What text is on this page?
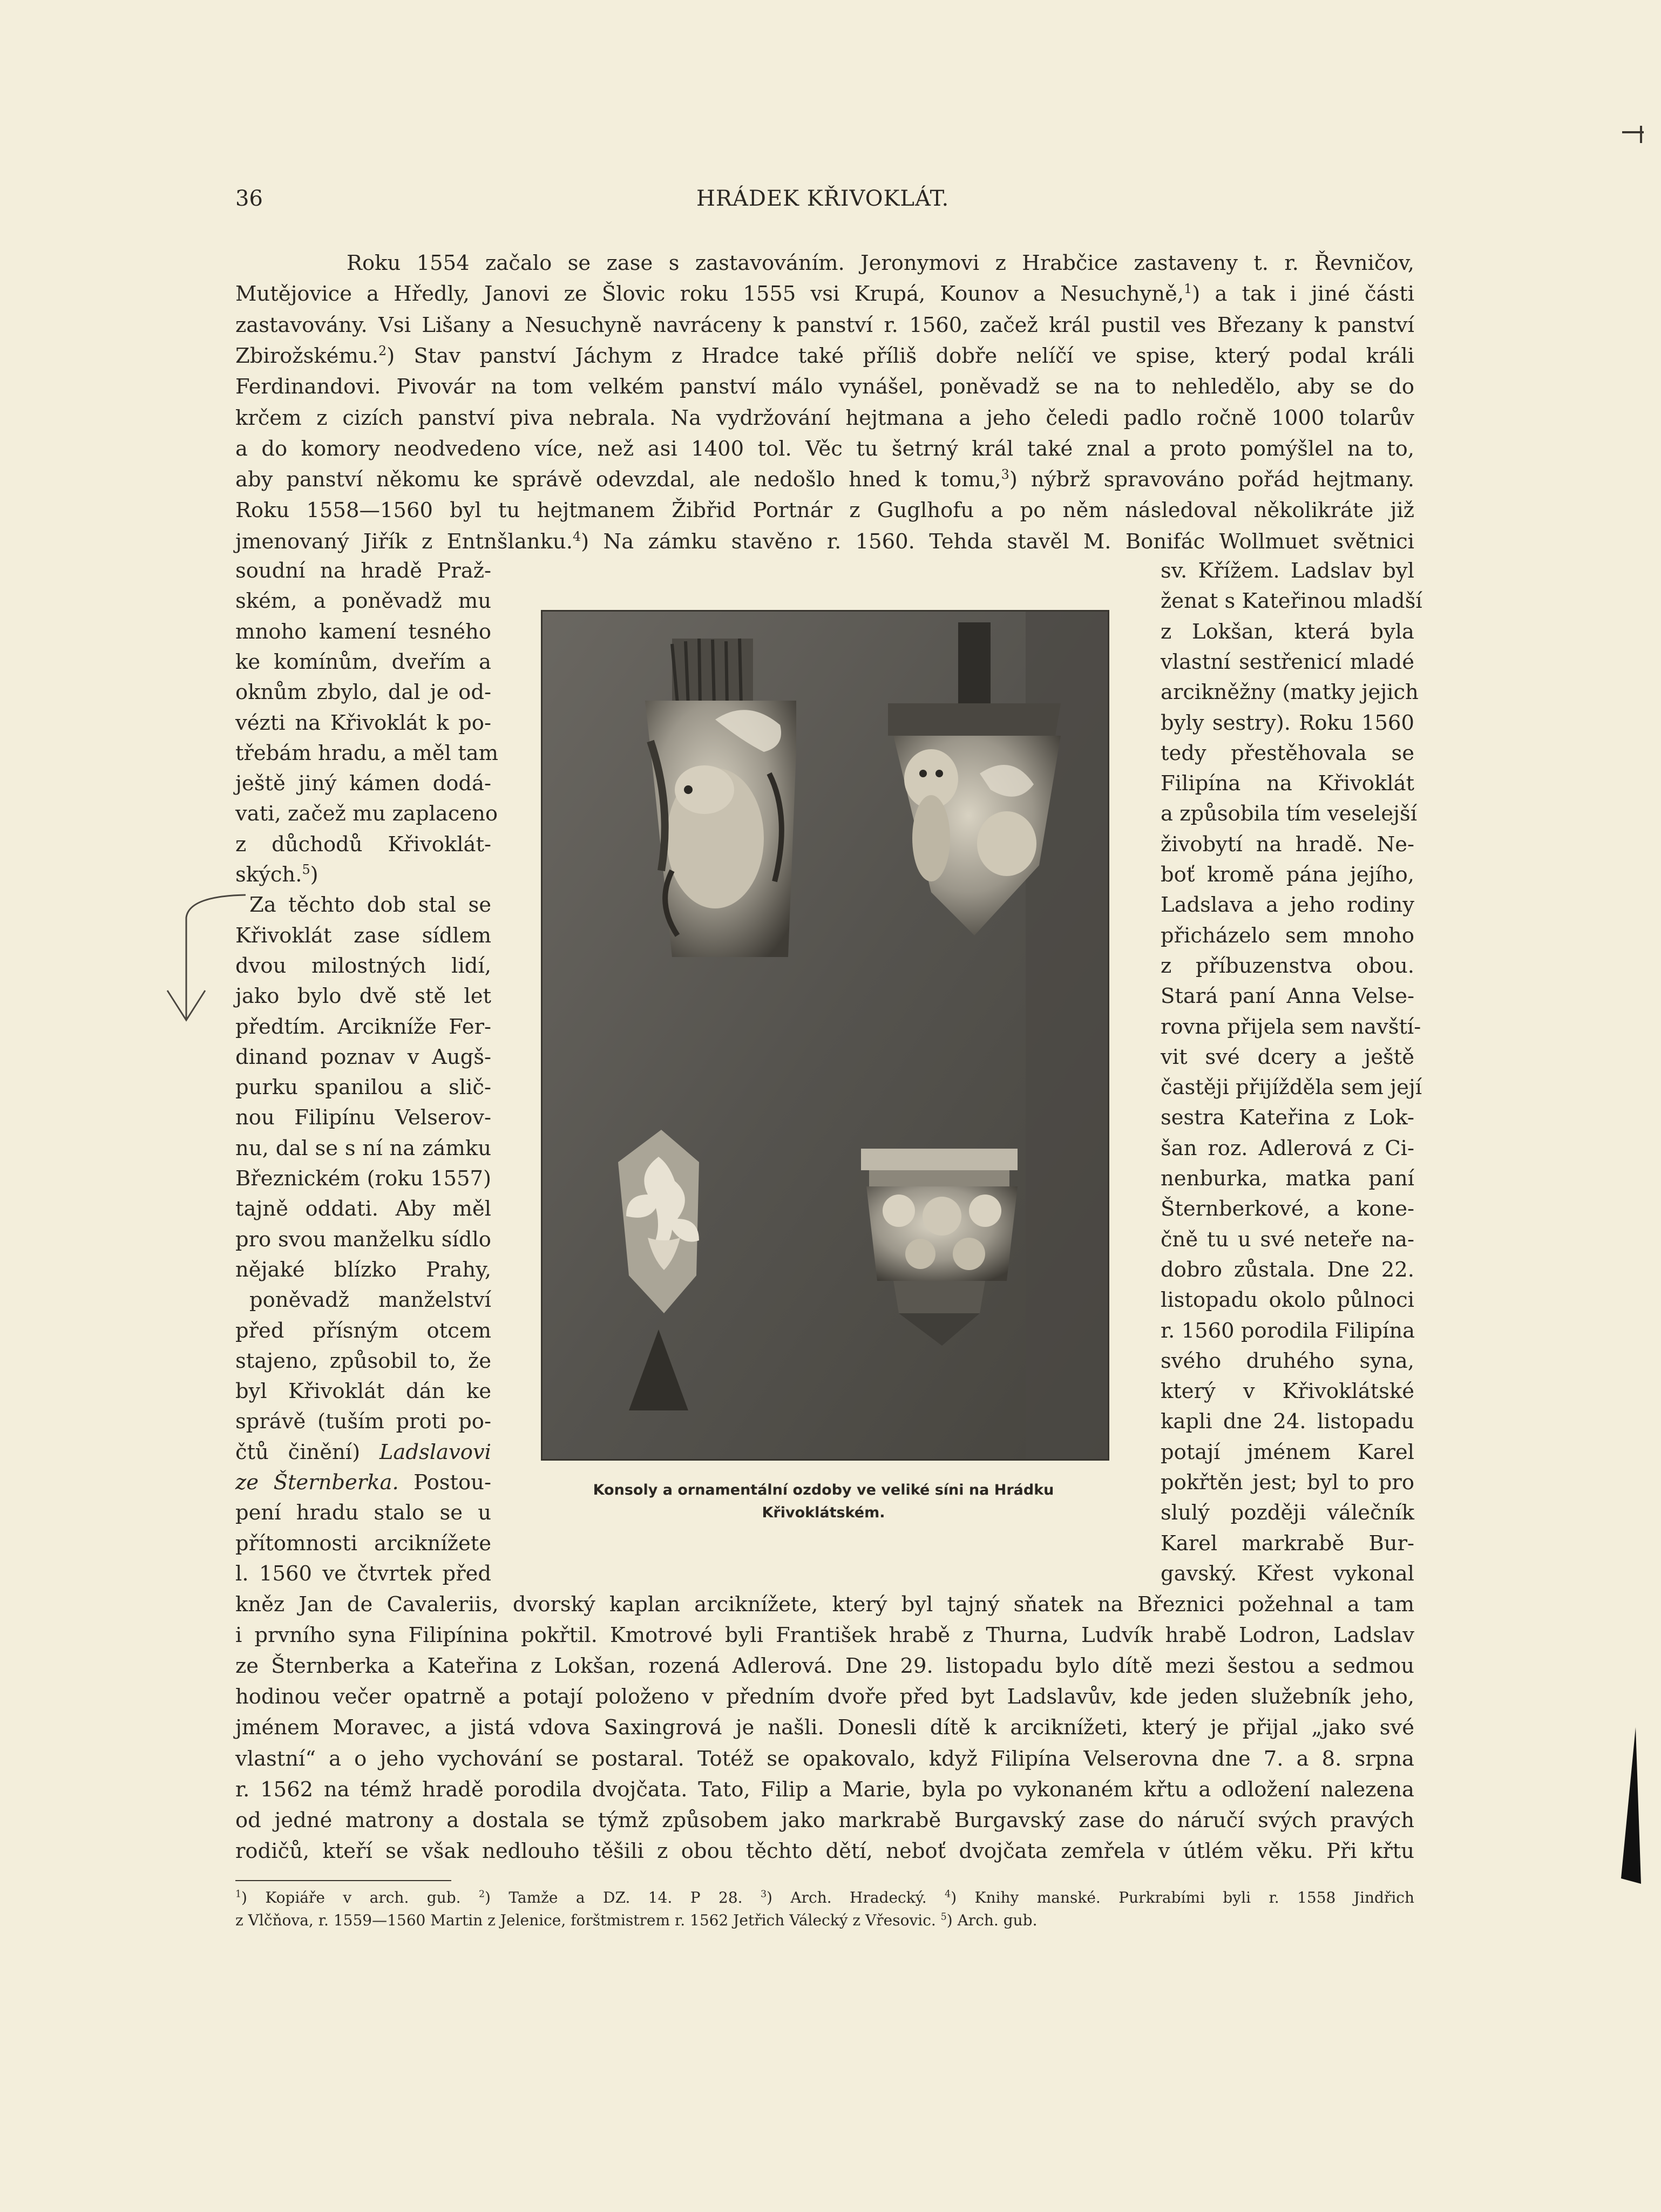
36	HRÁDEK KŘIVOKLÁT.
Roku 1554 začalo se zase s zastavováním. Jeronymovi z Hrabčice zastaveny t. r. Řevničov,
Mutějovice a Hředly, Janovi ze Šlovic roku 1555 vsi Krupá, Kounov a Nesuchyně,$^1$) a tak i jiné části
zastavovány. Vsi Lišany a Nesuchyně navráceny k panství r. 1560, začež král pustil ves Březany k panství
Zbirožskému.$^2$) Stav panství Jáchym z Hradce také příliš dobře nelíčí ve spise, který podal králi
Ferdinandovi. Pivovár na tom velkém panství málo vynášel, poněvadž se na to nehledělo, aby se do
krčem z cizích panství piva nebrala. Na vydržování hejtmana a jeho čeledi padlo ročně 1000 tolarův
a do komory neodvedeno více, než asi 1400 tol. Věc tu šetrný král také znal a proto pomýšlel na to,
aby panství někomu ke správě odevzdal, ale nedošlo hned k tomu,$^3$) nýbrž spravováno pořád hejtmany.
Roku 1558—1560 byl tu hejtmanem Žibřid Portnár z Guglhofu a po něm následoval několikráte již
jmenovaný Jiřík z Entnšlanku.$^4$) Na zámku stavěno r. 1560. Tehda stavěl M. Bonifác Wollmuet světnici
soudní na hradě Praž-
ském, a poněvadž mu
mnoho kamení tesného
ke komínům, dveřím a
oknům zbylo, dal je od-
vézti na Křivoklát k po-
třebám hradu, a měl tam
ještě jiný kámen dodá-
vati, začež mu zaplaceno
z důchodů Křivoklát-
ských.$^5$)
Za těchto dob stal se
Křivoklát zase sídlem
dvou milostných lidí,
jako bylo dvě stě let
předtím. Arcikníže Fer-
dinand poznav v Augš-
purku spanilou a slič-
nou Filipínu Velserov-
nu, dal se s ní na zámku
Březnickém (roku 1557)
tajně oddati. Aby měl
pro svou manželku sídlo
nějaké blízko Prahy,
poněvadž manželství
před přísným otcem
stajeno, způsobil to, že
byl Křivoklát dán ke
správě (tuším proti po-
čtů činění) Ladslavovi
ze Šternberka. Postou-
pení hradu stalo se u
přítomnosti arciknížete
l. 1560 ve čtvrtek před
sv. Křížem. Ladslav byl
ženat s Kateřinou mladší
z Lokšan, která byla
vlastní sestřenicí mladé
arcikněžny (matky jejich
byly sestry). Roku 1560
tedy přestěhovala se
Filipína na Křivoklát
a způsobila tím veselejší
živobytí na hradě. Ne-
boť kromě pána jejího,
Ladslava a jeho rodiny
přicházelo sem mnoho
z příbuzenstva obou.
Stará paní Anna Velse-
rovna přijela sem navští-
vit své dcery a ještě
častěji přijížděla sem její
sestra Kateřina z Lok-
šan roz. Adlerová z Ci-
nenburka, matka paní
Šternberkové, a kone-
čně tu u své neteře na-
dobro zůstala. Dne 22.
listopadu okolo půlnoci
r. 1560 porodila Filipína
svého druhého syna,
který v Křivoklátské
kapli dne 24. listopadu
potají jménem Karel
pokřtěn jest; byl to pro
slulý později válečník
Karel markrabě Bur-
gavský. Křest vykonal
kněz Jan de Cavaleriis, dvorský kaplan arciknížete, který byl tajný sňatek na Březnici požehnal a tam
i prvního syna Filipínina pokřtil. Kmotrové byli František hrabě z Thurna, Ludvík hrabě Lodron, Ladslav
ze Šternberka a Kateřina z Lokšan, rozená Adlerová. Dne 29. listopadu bylo dítě mezi šestou a sedmou
hodinou večer opatrně a potají položeno v předním dvoře před byt Ladslavův, kde jeden služebník jeho,
jménem Moravec, a jistá vdova Saxingrová je našli. Donesli dítě k arciknížeti, který je přijal „jako své
vlastní“ a o jeho vychování se postaral. Totéž se opakovalo, když Filipína Velserovna dne 7. a 8. srpna
r. 1562 na témž hradě porodila dvojčata. Tato, Filip a Marie, byla po vykonaném křtu a odložení nalezena
od jedné matrony a dostala se týmž způsobem jako markrabě Burgavský zase do náručí svých pravých
rodičů, kteří se však nedlouho těšili z obou těchto dětí, neboť dvojčata zemřela v útlém věku. Při křtu
Konsoly a ornamentální ozdoby ve veliké síni na Hrádku
Křivoklátském.
$^1$) Kopiáře v arch. gub. $^2$) Tamže a DZ. 14. P 28. $^3$) Arch. Hradecký. $^4$) Knihy manské. Purkrabími byli r. 1558 Jindřich
z Vlčňova, r. 1559—1560 Martin z Jelenice, forštmistrem r. 1562 Jetřich Válecký z Vřesovic. $^5$) Arch. gub.
